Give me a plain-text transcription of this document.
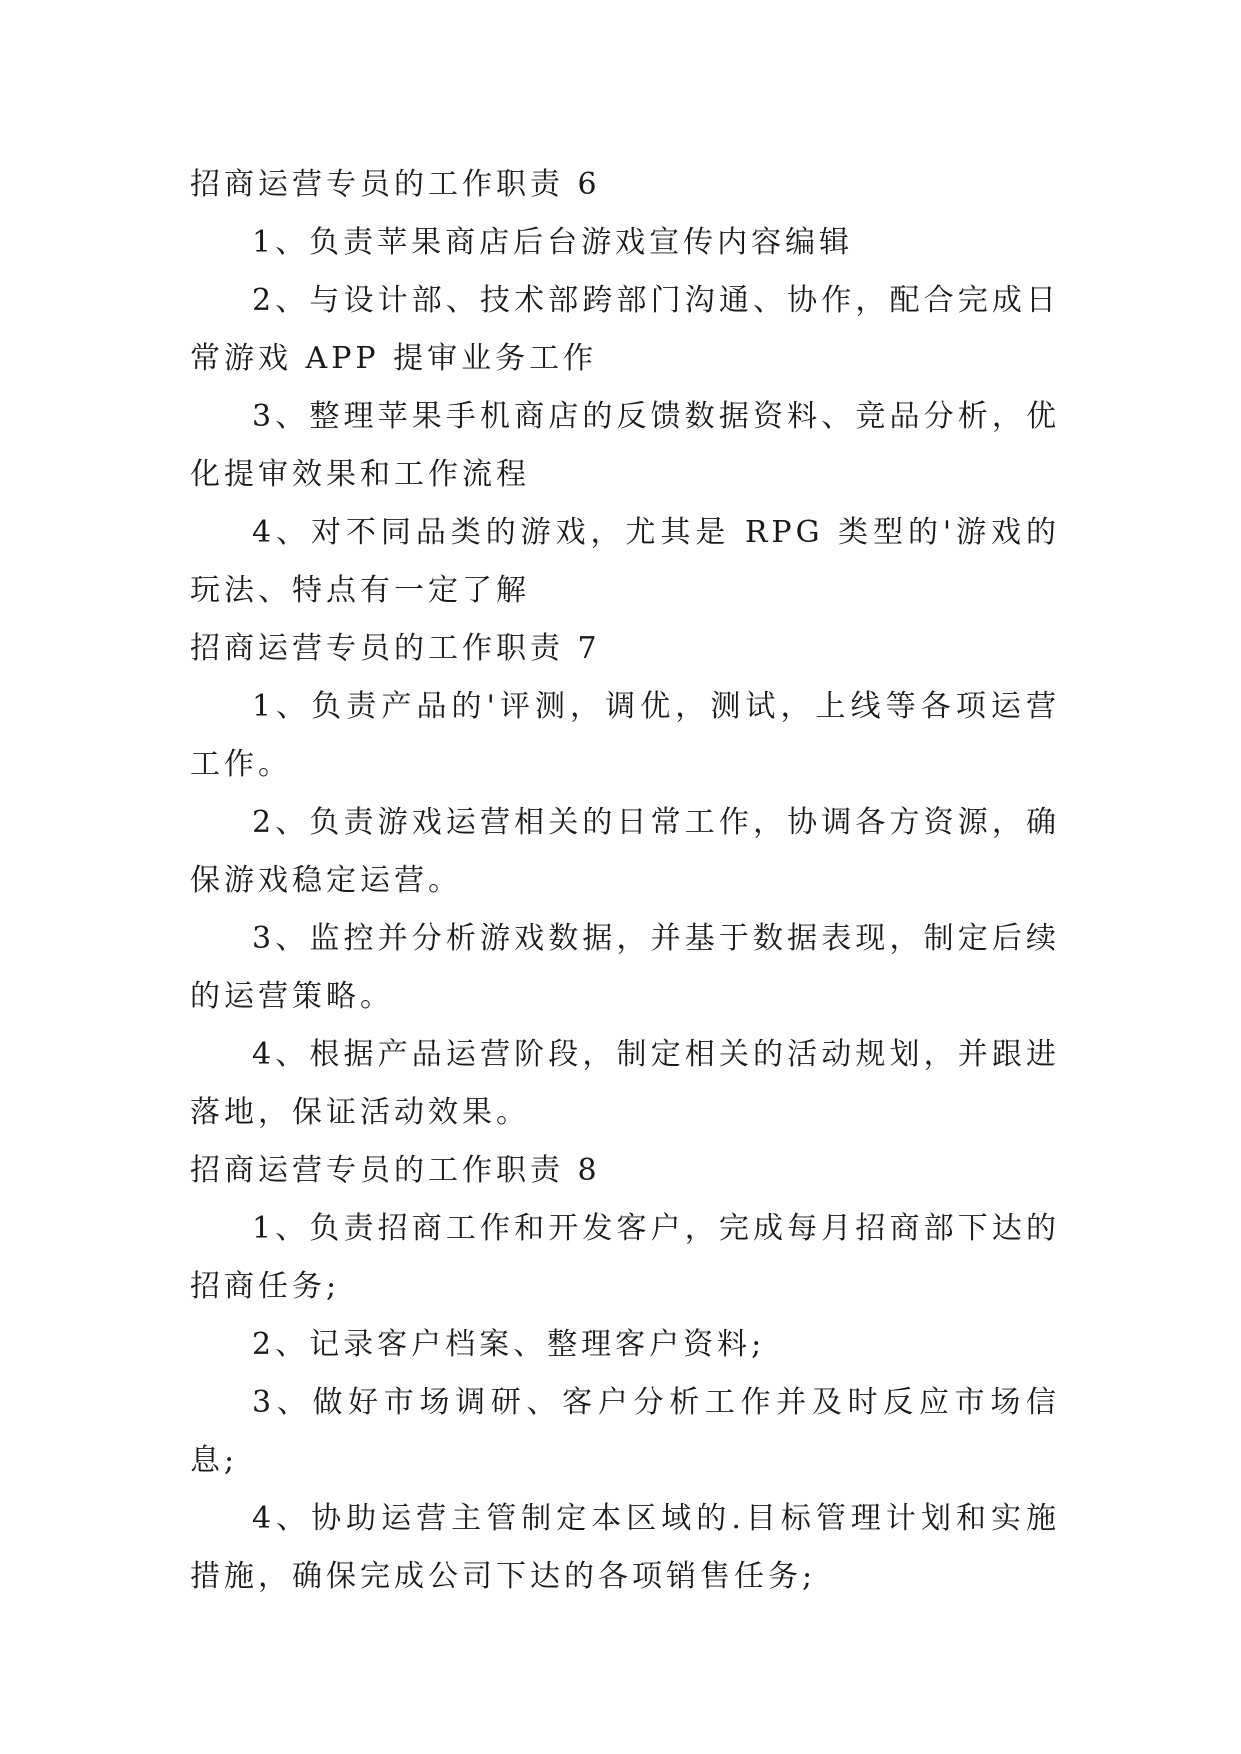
招商运营专员的工作职责 6

1、负责苹果商店后台游戏宣传内容编辑

2、与设计部、技术部跨部门沟通、协作，配合完成日常游戏 APP 提审业务工作

3、整理苹果手机商店的反馈数据资料、竞品分析，优化提审效果和工作流程

4、对不同品类的游戏，尤其是 RPG 类型的'游戏的玩法、特点有一定了解

招商运营专员的工作职责 7

1、负责产品的'评测，调优，测试，上线等各项运营工作。

2、负责游戏运营相关的日常工作，协调各方资源，确保游戏稳定运营。

3、监控并分析游戏数据，并基于数据表现，制定后续的运营策略。

4、根据产品运营阶段，制定相关的活动规划，并跟进落地，保证活动效果。

招商运营专员的工作职责 8

1、负责招商工作和开发客户，完成每月招商部下达的招商任务;

2、记录客户档案、整理客户资料;

3、做好市场调研、客户分析工作并及时反应市场信息;

4、协助运营主管制定本区域的.目标管理计划和实施措施，确保完成公司下达的各项销售任务;
